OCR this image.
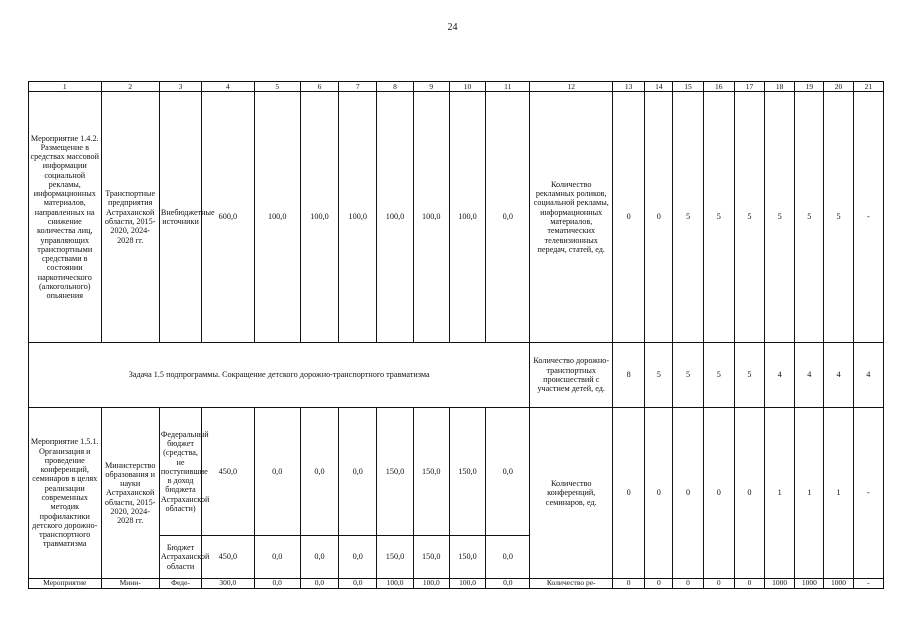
24
1	2	3	4	5	6	7	8	9	10	11	12	13	14	15	16	17	18	19	20	21
Мероприятие 1.4.2. Размещение в средствах массовой информации социальной рекламы, информационных материалов, направленных на снижение количества лиц, управляющих транспортными средствами в состоянии наркотического (алкогольного) опьянения	Транспортные предприятия Астраханской области, 2015-2020, 2024-2028 гг.	Внебюджетные источники	600,0	100,0	100,0	100,0	100,0	100,0	100,0	0,0	Количество рекламных роликов, социальной рекламы, информационных материалов, тематических телевизионных передач, статей, ед.	0	0	5	5	5	5	5	5	-
Задача 1.5 подпрограммы. Сокращение детского дорожно-транспортного травматизма											Количество дорожно-транспортных происшествий с участием детей, ед.	8	5	5	5	5	4	4	4	4
Мероприятие 1.5.1. Организация и проведение конференций, семинаров в целях реализации современных методик профилактики детского дорожно-транспортного травматизма	Министерство образования и науки Астраханской области, 2015-2020, 2024-2028 гг.	Федеральный бюджет (средства, не поступившие в доход бюджета Астраханской области)	450,0	0,0	0,0	0,0	150,0	150,0	150,0	0,0	Количество конференций, семинаров, ед.	0	0	0	0	0	1	1	1	-
		Бюджет Астраханской области	450,0	0,0	0,0	0,0	150,0	150,0	150,0	0,0										
Мероприятие	Мини-	Феде-	300,0	0,0	0,0	0,0	100,0	100,0	100,0	0,0	Количество ре-	0	0	0	0	0	1000	1000	1000	-
